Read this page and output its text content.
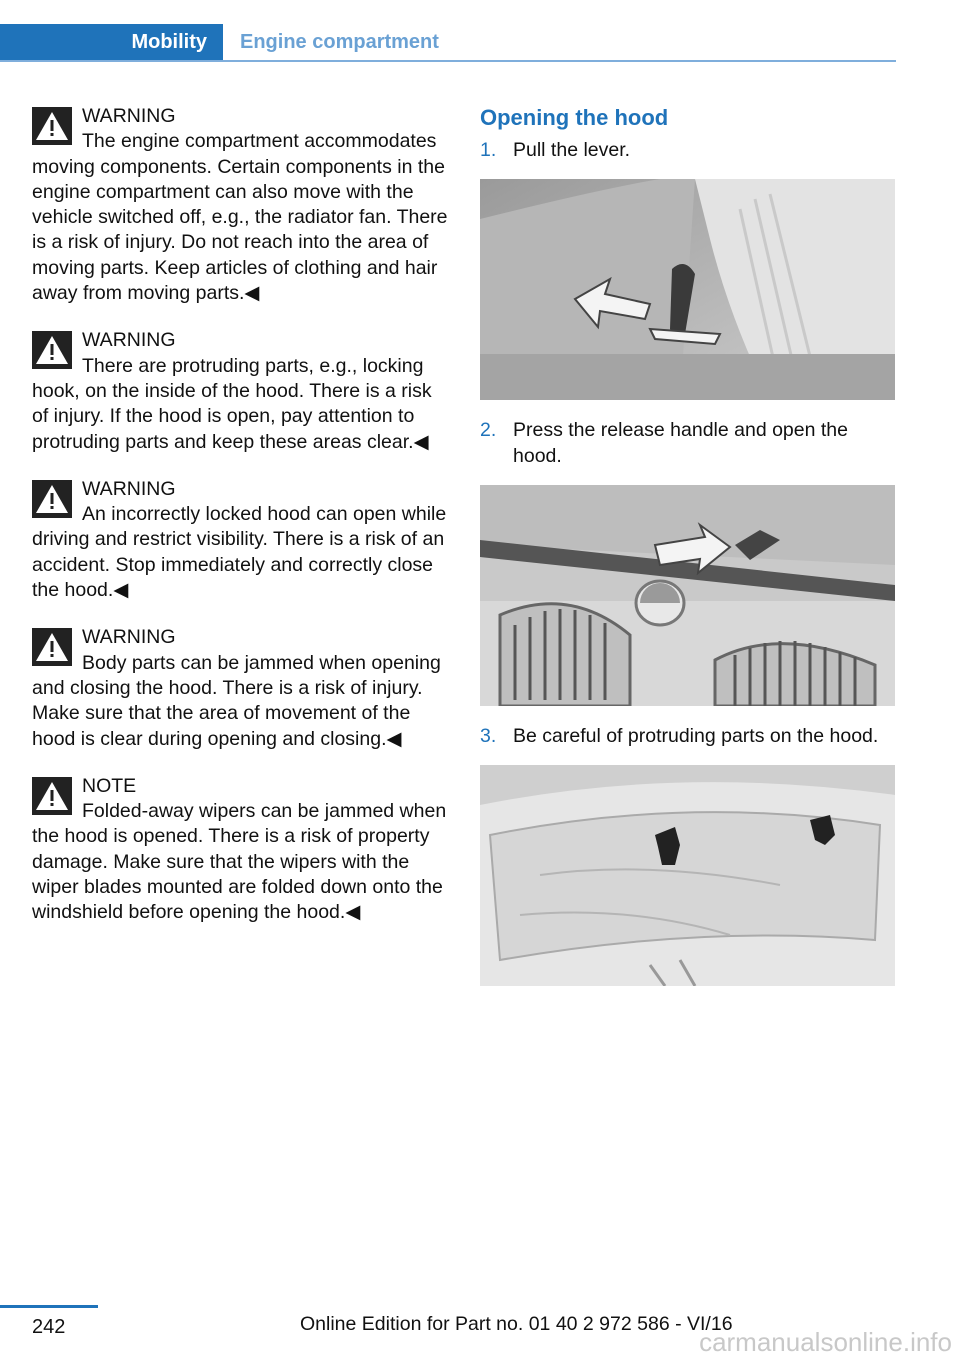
Mobility	Engine compartment
WARNING
The engine compartment accommodates moving components. Certain components in the engine compartment can also move with the vehicle switched off, e.g., the radiator fan. There is a risk of injury. Do not reach into the area of moving parts. Keep articles of clothing and hair away from moving parts.◀
WARNING
There are protruding parts, e.g., locking hook, on the inside of the hood. There is a risk of injury. If the hood is open, pay attention to protruding parts and keep these areas clear.◀
WARNING
An incorrectly locked hood can open while driving and restrict visibility. There is a risk of an accident. Stop immediately and correctly close the hood.◀
WARNING
Body parts can be jammed when opening and closing the hood. There is a risk of injury. Make sure that the area of movement of the hood is clear during opening and closing.◀
NOTE
Folded-away wipers can be jammed when the hood is opened. There is a risk of property damage. Make sure that the wipers with the wiper blades mounted are folded down onto the windshield before opening the hood.◀
Opening the hood
1. Pull the lever.
2. Press the release handle and open the hood.
3. Be careful of protruding parts on the hood.
242	Online Edition for Part no. 01 40 2 972 586 - VI/16
carmanualsonline.info
